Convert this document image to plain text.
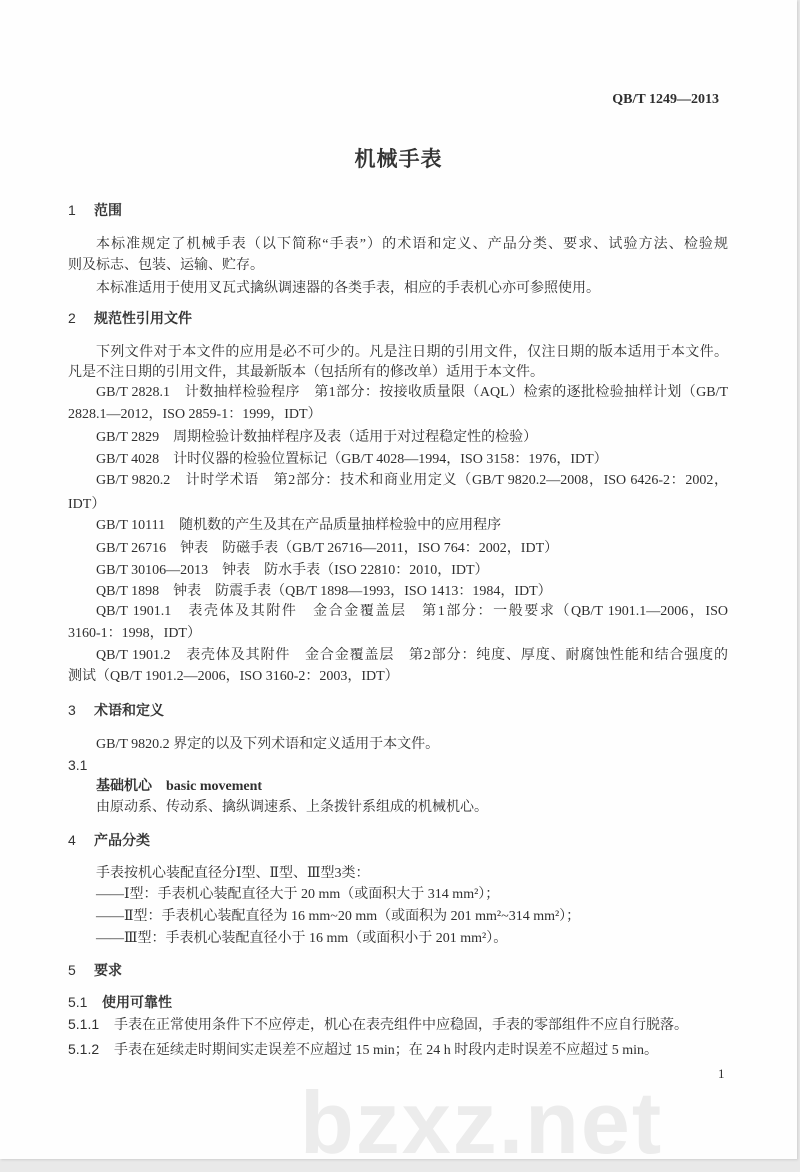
bzxz.net
QB/T 1249—2013
机械手表
1 范围
本标准规定了机械手表（以下简称“手表”）的术语和定义、产品分类、要求、试验方法、检验规
则及标志、包装、运输、贮存。
本标准适用于使用叉瓦式擒纵调速器的各类手表，相应的手表机心亦可参照使用。
2 规范性引用文件
下列文件对于本文件的应用是必不可少的。凡是注日期的引用文件，仅注日期的版本适用于本文件。
凡是不注日期的引用文件，其最新版本（包括所有的修改单）适用于本文件。
GB/T 2828.1　计数抽样检验程序　第1部分：按接收质量限（AQL）检索的逐批检验抽样计划（GB/T
2828.1—2012，ISO 2859-1：1999，IDT）
GB/T 2829　周期检验计数抽样程序及表（适用于对过程稳定性的检验）
GB/T 4028　计时仪器的检验位置标记（GB/T 4028—1994，ISO 3158：1976，IDT）
GB/T 9820.2　计时学术语　第2部分：技术和商业用定义（GB/T 9820.2—2008，ISO 6426-2：2002，
IDT）
GB/T 10111　随机数的产生及其在产品质量抽样检验中的应用程序
GB/T 26716　钟表　防磁手表（GB/T 26716—2011，ISO 764：2002，IDT）
GB/T 30106—2013　钟表　防水手表（ISO 22810：2010，IDT）
QB/T 1898　钟表　防震手表（QB/T 1898—1993，ISO 1413：1984，IDT）
QB/T 1901.1　表壳体及其附件　金合金覆盖层　第1部分：一般要求（QB/T 1901.1—2006，ISO
3160-1：1998，IDT）
QB/T 1901.2　表壳体及其附件　金合金覆盖层　第2部分：纯度、厚度、耐腐蚀性能和结合强度的
测试（QB/T 1901.2—2006，ISO 3160-2：2003，IDT）
3 术语和定义
GB/T 9820.2 界定的以及下列术语和定义适用于本文件。
3.1
基础机心　 basic movement
由原动系、传动系、擒纵调速系、上条拨针系组成的机械机心。
4 产品分类
手表按机心装配直径分Ⅰ型、Ⅱ型、Ⅲ型3类：
——Ⅰ型：手表机心装配直径大于 20 mm（或面积大于 314 mm²）；
——Ⅱ型：手表机心装配直径为 16 mm~20 mm（或面积为 201 mm²~314 mm²）；
——Ⅲ型：手表机心装配直径小于 16 mm（或面积小于 201 mm²）。
5 要求
5.1 使用可靠性
5.1.1 手表在正常使用条件下不应停走，机心在表壳组件中应稳固，手表的零部组件不应自行脱落。
5.1.2 手表在延续走时期间实走误差不应超过 15 min；在 24 h 时段内走时误差不应超过 5 min。
1
